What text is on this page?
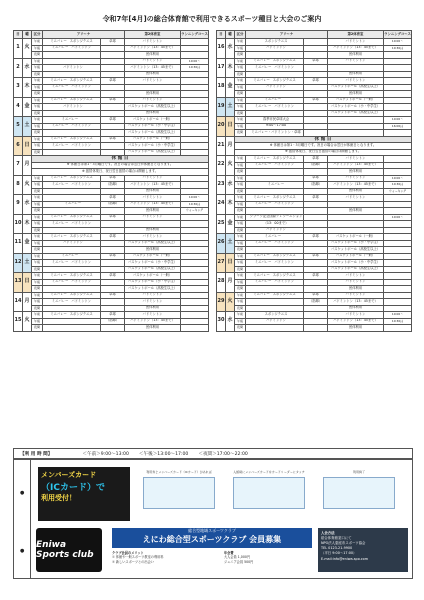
令和7年[4月]の総合体育館で利用できるスポーツ種目と大会のご案内
日	曜	区分	アリーナ		第2体育室	ランニングコース
1	火	午前	ミニバレー スポンジテニス	卓球	バドミントン	
		午後	ミニバレー バドミントン		バドミントン（13：45まで）	
		夜間			団体利用	
2	水	午前			バドミントン	10:00～
		午後	バドミントン		バドミントン（13：45まで）	10:30は
		夜間			団体利用	
3	木	午前	ミニバレー スポンジテニス	卓球	バドミントン	
		午後	ミニバレー バドミントン			
		夜間			団体利用	
4	金	午前	ミニバレー スポンジテニス	卓球	バドミントン	
		午後	バドミントン		バスケットボール（高校生以上）	
		夜間			団体利用	
5	土	午前	ミニバレー	卓球	バスケットボール（一般）	
		午後	ミニバレー バドミントン		バスケットボール（小・中学生）	
		夜間			バスケットボール（高校生以上）	
6	日	午前	ミニバレー スポンジテニス	卓球	バスケットボール（一般）	
		午後	ミニバレー バドミントン		バスケットボール（小・中学生）	
		夜間			バスケットボール（高校生以上）	
7	月	休 館 日				
		※ 体館日は第1・3月曜日です。祝日の場合は翌日が休館日となります。				
		※ 振替休業日、祝日翌日振替の場合は開館します。				
8	火	午前	ミニバレー スポンジテニス	卓球	バドミントン	
		午後	ミニバレー バドミントン	（指導）	バドミントン（13：45まで）	
		夜間			団体利用	
9	水	午前		卓球	バドミントン	10:00～
		午後	ミニバレー	（指導）	バドミントン（13：45まで）	10:30は
		夜間			団体利用	ウォーキング
10	木	午前	ミニバレー スポンジテニス	卓球	バドミントン	
		午後	ミニバレー バドミントン			
		夜間			団体利用	
11	金	午前	ミニバレー スポンジテニス	卓球	バドミントン	
		午後	バドミントン		バスケットボール（高校生以上）	
		夜間			団体利用	
12	土	午前	ミニバレー	卓球	バスケットボール（一般）	
		午後	ミニバレー バドミントン		バスケットボール（小・中学生）	
		夜間			バスケットボール（高校生以上）	
13	日	午前	ミニバレー スポンジテニス	卓球	バスケットボール（一般）	
		午後	ミニバレー バドミントン		バスケットボール（小・中学生）	
		夜間			バスケットボール（高校生以上）	
14	月	午前	ミニバレー スポンジテニス	卓球	バドミントン	
		午後	ミニバレー バドミントン		バドミントン	
		夜間			団体利用	
15	火	午前	ミニバレー スポンジテニス	卓球	バドミントン	
		午後		（指導）	バドミントン（13：45まで）	
		夜間			団体利用	
日	曜	区分	アリーナ		第2体育室	ランニングコース
16	水	午前	スポンジテニス		バドミントン	10:00～
		午後	バドミントン		バドミントン（13：45まで）	10:30は
		夜間			団体利用	
17	木	午前	ミニバレー スポンジテニス	卓球	バドミントン	
		午後	ミニバレー バドミントン			
		夜間			団体利用	
18	金	午前	ミニバレー スポンジテニス	卓球	バドミントン	
		午後	バドミントン		バスケットボール（高校生以上）	
		夜間			団体利用	
19	土	午前	ミニバレー	卓球	バスケットボール（一般）	
		午後	ミニバレー バドミントン		バスケットボール（小・中学生）	
		夜間			バスケットボール（高校生以上）	
20	日	午前	春季市民卓球大会			10:00～
		午後	9:00～17:00			16:00は
		夜間	ミニバレー・バドミントン・卓球			
21	月	休 館 日				
		※ 体館日は第1・3月曜日です。祝日の場合は翌日が休館日となります。				
		※ 振替休業日、祝日翌日振替の場合は開館します。				
22	火	午前	ミニバレー スポンジテニス	卓球	バドミントン	
		午後	ミニバレー バドミントン	（指導）	バドミントン（13：45まで）	
		夜間			団体利用	
23	水	午前		卓球	バドミントン	10:00～
		午後	ミニバレー	（指導）	バドミントン（13：45まで）	10:30は
		夜間			団体利用	ウォーキング
24	木	午前	ミニバレー スポンジテニス	卓球	バドミントン	
		午後	ミニバレー バドミントン			
		夜間			団体利用	
25	金	午前	クラーク記念国際テレワーニション			10:00～
		午後	（13：00まで）			
		夜間	バドミントン			
26	土	午前	ミニバレー	卓球	バスケットボール（一般）	
		午後	ミニバレー バドミントン		バスケットボール（小・中学生）	
		夜間			バスケットボール（高校生以上）	
27	日	午前	ミニバレー スポンジテニス	卓球	バスケットボール（一般）	
		午後	ミニバレー バドミントン		バスケットボール（小・中学生）	
		夜間			バスケットボール（高校生以上）	
28	月	午前	ミニバレー スポンジテニス	卓球	バドミントン	
		午後	ミニバレー バドミントン		バドミントン	
		夜間			団体利用	
29	火	午前	ミニバレー スポンジテニス	卓球	バドミントン	
		午後		（指導）	バドミントン（13：45まで）	
		夜間			団体利用	
30	水	午前	スポンジテニス		バドミントン	10:00～
		午後	バドミントン		バドミントン（13：45まで）	10:30は
		夜間			団体利用	
【利 用 時 間】	＜午前＞9:00～13:00 ＜午後＞13:00～17:00 ＜夜間＞17:00～22:00
●
●
メンバーズカード
（ICカード）で
利用受付！
利用券とメンバーズカード（ICカード）があれば	入館時にメンバーズカードをカードリーダーにタッチ	利用終了
Eniwa Sports club
総合型地域スポーツクラブ
えにわ総合型スポーツクラブ 会員募集
クラブ会員のメリット
① 体館や一般スポーツ教室の利用料
② 新しいスポーツとの出会い
年会費
大人会員 1,000円
ジュニア会員 500円
入会方法
総合体育館窓口にて
NPO法人恵庭市スポーツ協会
TEL 0123-21-9900
（平日 9:00～17:00）
E-mail:info@eniwa-spo.com
